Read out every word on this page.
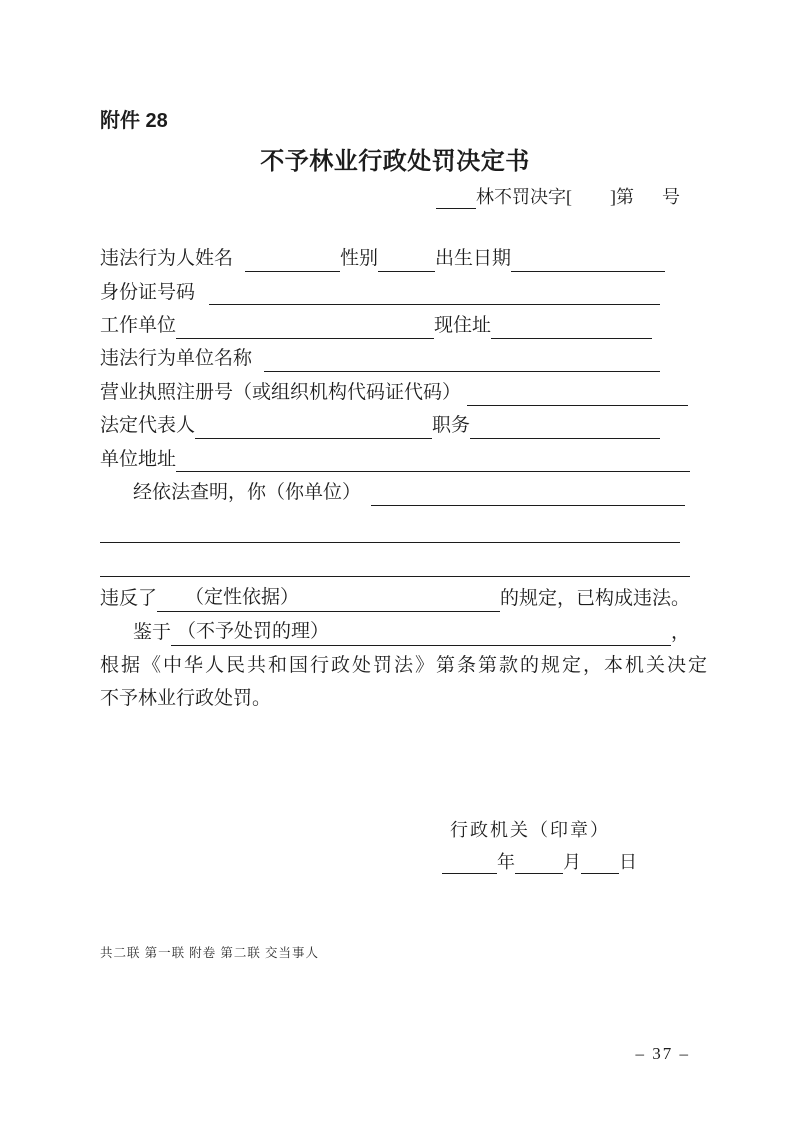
附件 28
不予林业行政处罚决定书
林不罚决字[ ]第 号
违法行为人姓名	性别	出生日期
身份证号码
工作单位	现住址
违法行为单位名称
营业执照注册号（或组织机构代码证代码）
法定代表人	职务
单位地址
经依法查明，你（你单位）
违反了	（定性依据）	的规定，已构成违法。
鉴于 （不予处罚的理）	，
根据《中华人民共和国行政处罚法》第 条第 款的规定，本机关决定
不予林业行政处罚。
行政机关（印章）
年	月 日
共二联 第一联 附卷 第二联 交当事人
– 37 –
